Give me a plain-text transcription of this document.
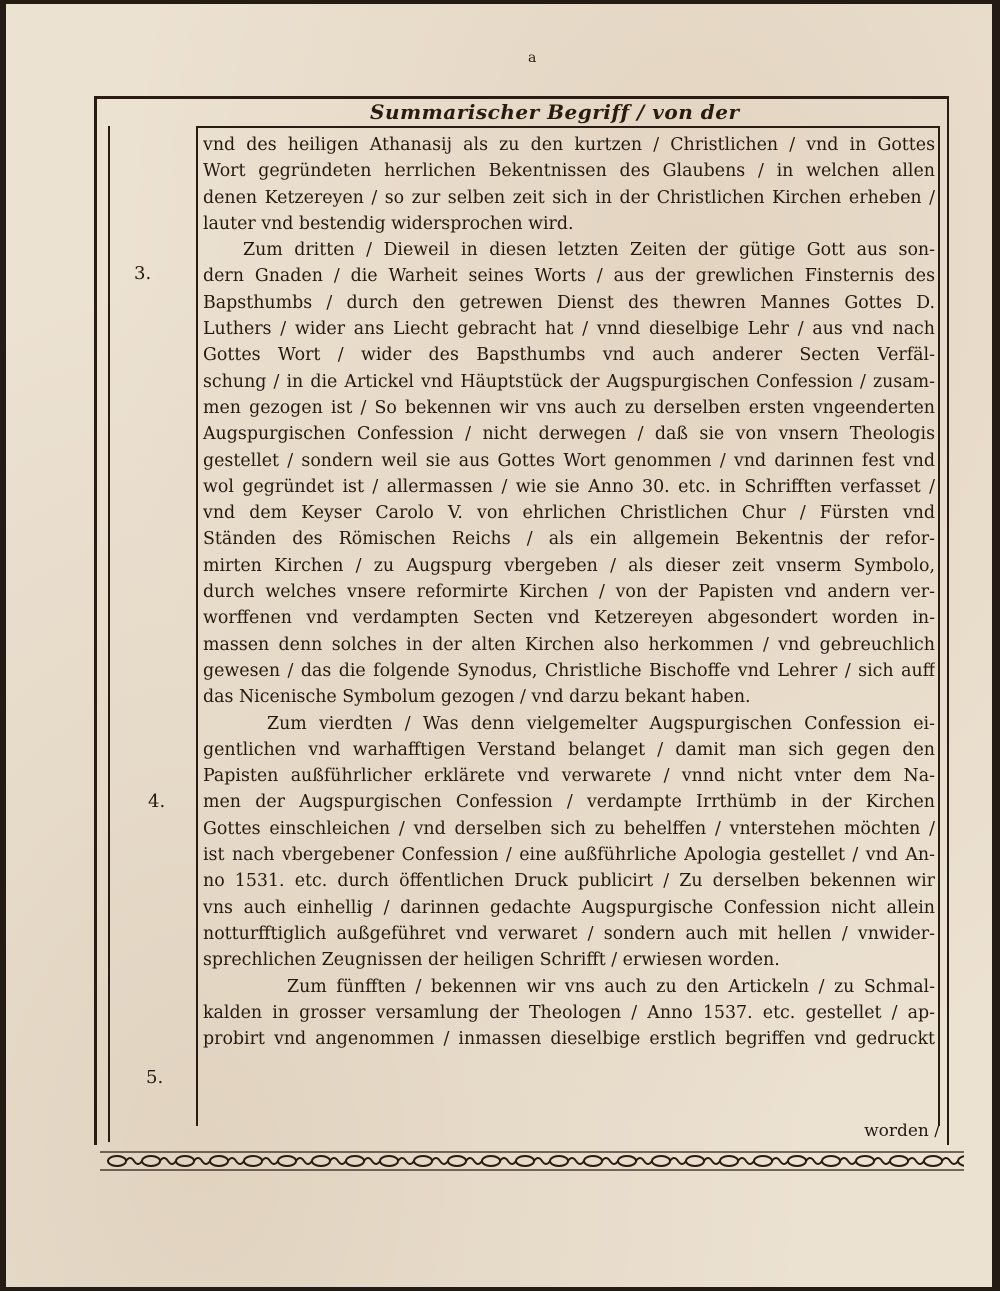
a
Summarischer Begriff / von der
3.
4.
5.
vnd des heiligen Athanasij als zu den kurtzen / Christlichen / vnd in Gottes
Wort gegründeten herrlichen Bekentnissen des Glaubens / in welchen allen
denen Ketzereyen / so zur selben zeit sich in der Christlichen Kirchen erheben /
lauter vnd bestendig widersprochen wird.
Zum dritten / Dieweil in diesen letzten Zeiten der gütige Gott aus son-
dern Gnaden / die Warheit seines Worts / aus der grewlichen Finsternis des
Bapsthumbs / durch den getrewen Dienst des thewren Mannes Gottes D.
Luthers / wider ans Liecht gebracht hat / vnnd dieselbige Lehr / aus vnd nach
Gottes Wort / wider des Bapsthumbs vnd auch anderer Secten Verfäl-
schung / in die Artickel vnd Häuptstück der Augspurgischen Confession / zusam-
men gezogen ist / So bekennen wir vns auch zu derselben ersten vngeenderten
Augspurgischen Confession / nicht derwegen / daß sie von vnsern Theologis
gestellet / sondern weil sie aus Gottes Wort genommen / vnd darinnen fest vnd
wol gegründet ist / allermassen / wie sie Anno 30. etc. in Schrifften verfasset /
vnd dem Keyser Carolo V. von ehrlichen Christlichen Chur / Fürsten vnd
Ständen des Römischen Reichs / als ein allgemein Bekentnis der refor-
mirten Kirchen / zu Augspurg vbergeben / als dieser zeit vnserm Symbolo,
durch welches vnsere reformirte Kirchen / von der Papisten vnd andern ver-
worffenen vnd verdampten Secten vnd Ketzereyen abgesondert worden in-
massen denn solches in der alten Kirchen also herkommen / vnd gebreuchlich
gewesen / das die folgende Synodus, Christliche Bischoffe vnd Lehrer / sich auff
das Nicenische Symbolum gezogen / vnd darzu bekant haben.
Zum vierdten / Was denn vielgemelter Augspurgischen Confession ei-
gentlichen vnd warhafftigen Verstand belanget / damit man sich gegen den
Papisten außführlicher erklärete vnd verwarete / vnnd nicht vnter dem Na-
men der Augspurgischen Confession / verdampte Irrthümb in der Kirchen
Gottes einschleichen / vnd derselben sich zu behelffen / vnterstehen möchten /
ist nach vbergebener Confession / eine außführliche Apologia gestellet / vnd An-
no 1531. etc. durch öffentlichen Druck publicirt / Zu derselben bekennen wir
vns auch einhellig / darinnen gedachte Augspurgische Confession nicht allein
notturfftiglich außgeführet vnd verwaret / sondern auch mit hellen / vnwider-
sprechlichen Zeugnissen der heiligen Schrifft / erwiesen worden.
Zum fünfften / bekennen wir vns auch zu den Artickeln / zu Schmal-
kalden in grosser versamlung der Theologen / Anno 1537. etc. gestellet / ap-
probirt vnd angenommen / inmassen dieselbige erstlich begriffen vnd gedruckt
worden /
